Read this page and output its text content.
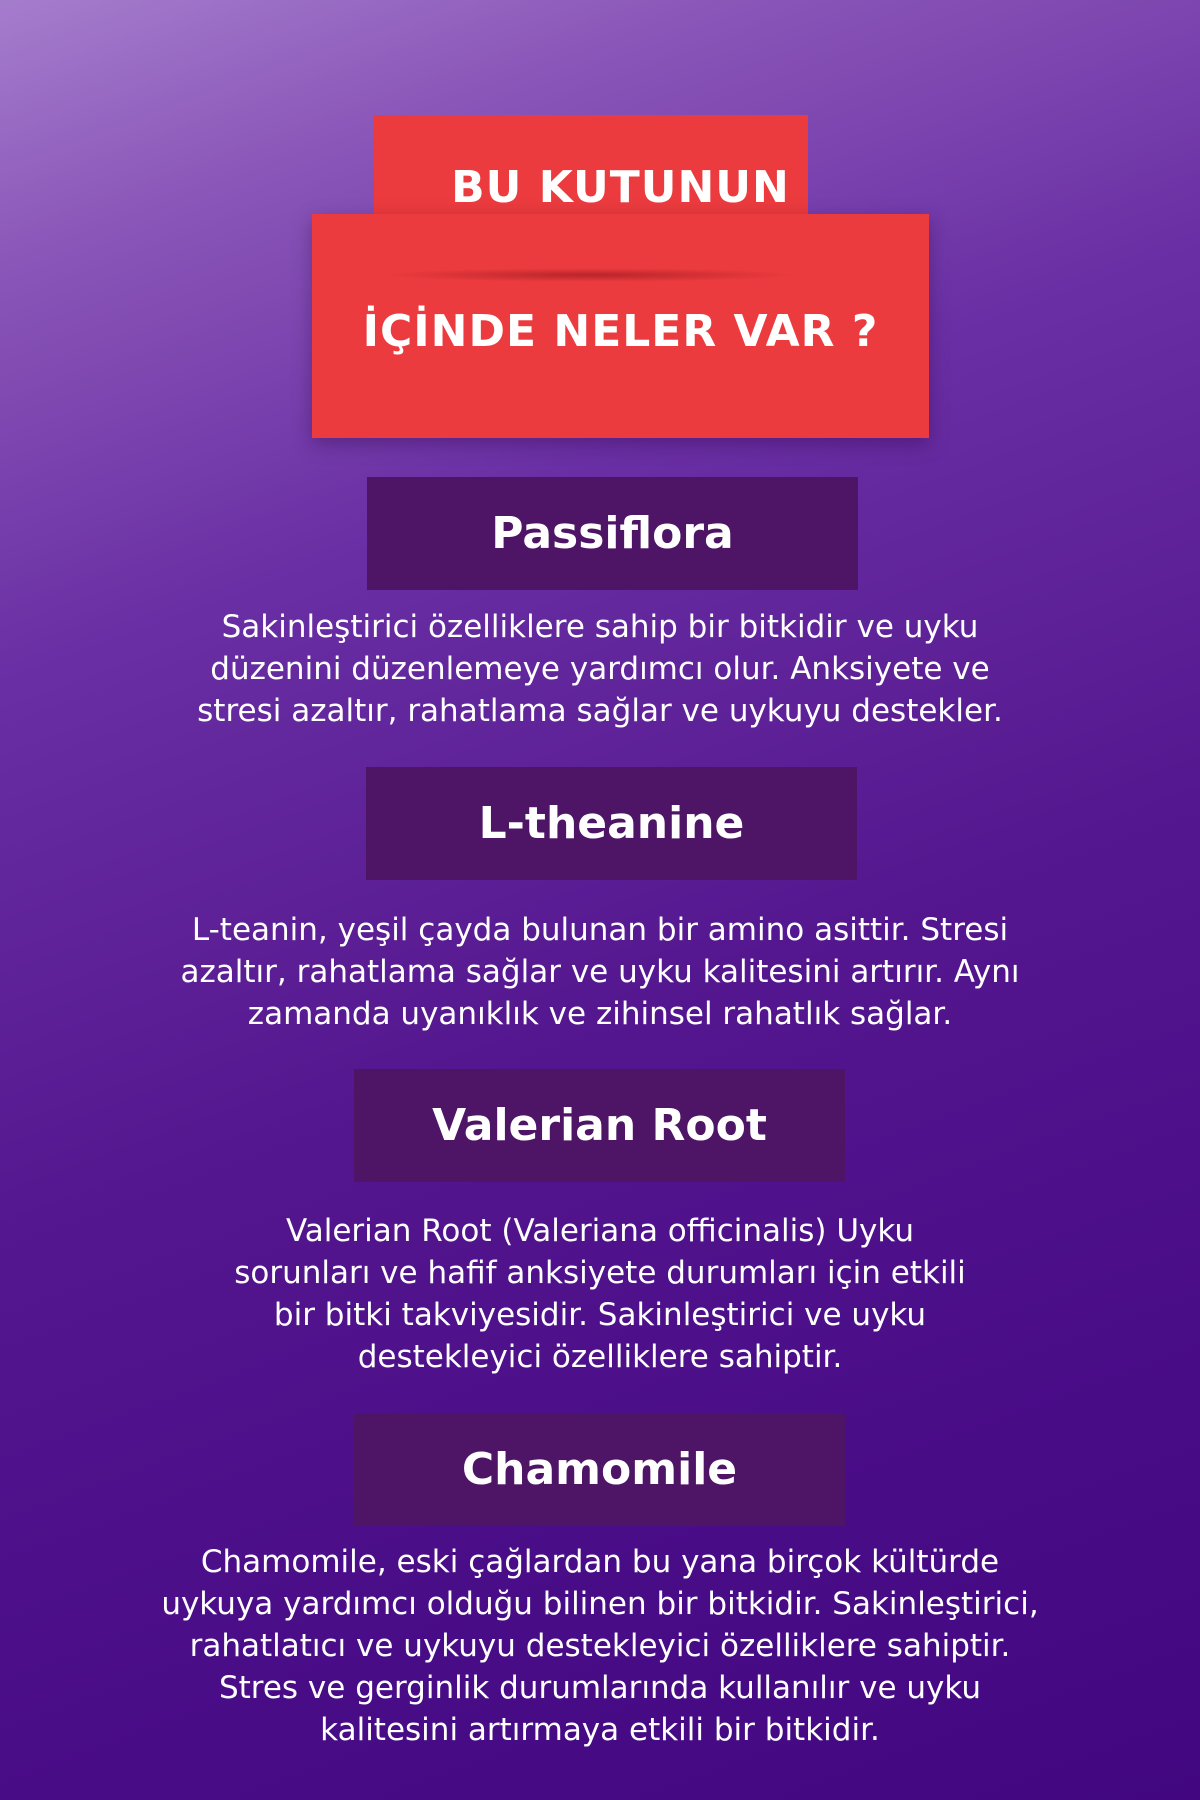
BU KUTUNUN
İÇİNDE NELER VAR ?
Passiflora
Sakinleştirici özelliklere sahip bir bitkidir ve uyku
düzenini düzenlemeye yardımcı olur. Anksiyete ve
stresi azaltır, rahatlama sağlar ve uykuyu destekler.
L-theanine
L-teanin, yeşil çayda bulunan bir amino asittir. Stresi
azaltır, rahatlama sağlar ve uyku kalitesini artırır. Aynı
zamanda uyanıklık ve zihinsel rahatlık sağlar.
Valerian Root
Valerian Root (Valeriana officinalis) Uyku
sorunları ve hafif anksiyete durumları için etkili
bir bitki takviyesidir. Sakinleştirici ve uyku
destekleyici özelliklere sahiptir.
Chamomile
Chamomile, eski çağlardan bu yana birçok kültürde
uykuya yardımcı olduğu bilinen bir bitkidir. Sakinleştirici,
rahatlatıcı ve uykuyu destekleyici özelliklere sahiptir.
Stres ve gerginlik durumlarında kullanılır ve uyku
kalitesini artırmaya etkili bir bitkidir.
